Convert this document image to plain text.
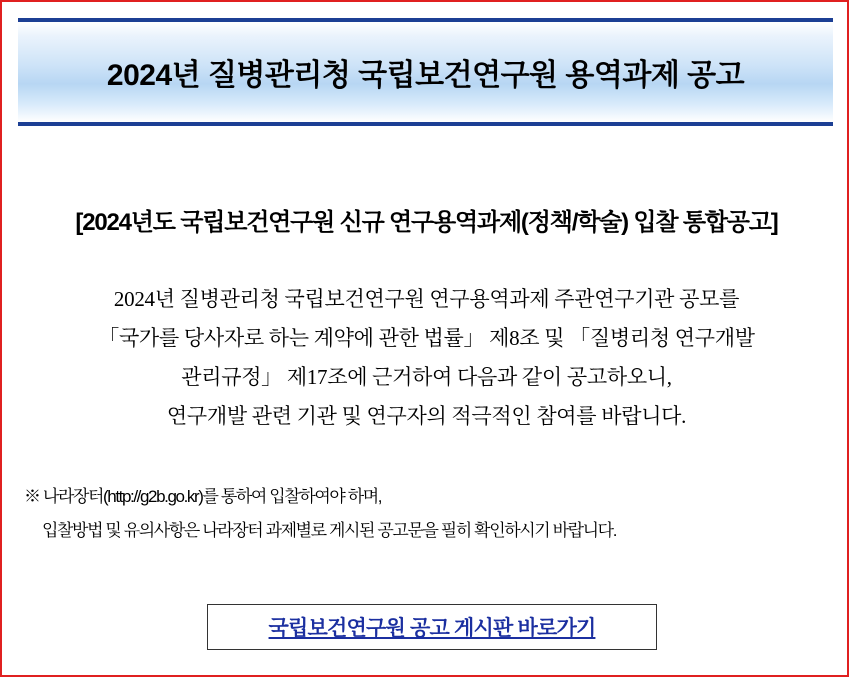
2024년 질병관리청 국립보건연구원 용역과제 공고
[2024년도 국립보건연구원 신규 연구용역과제(정책/학술) 입찰 통합공고]
2024년 질병관리청 국립보건연구원 연구용역과제 주관연구기관 공모를
「국가를 당사자로 하는 계약에 관한 법률」 제8조 및 「질병리청 연구개발
관리규정」 제17조에 근거하여 다음과 같이 공고하오니,
연구개발 관련 기관 및 연구자의 적극적인 참여를 바랍니다.
※ 나라장터(http://g2b.go.kr)를 통하여 입찰하여야 하며,
입찰방법 및 유의사항은 나라장터 과제별로 게시된 공고문을 필히 확인하시기 바랍니다.
국립보건연구원 공고 게시판 바로가기
